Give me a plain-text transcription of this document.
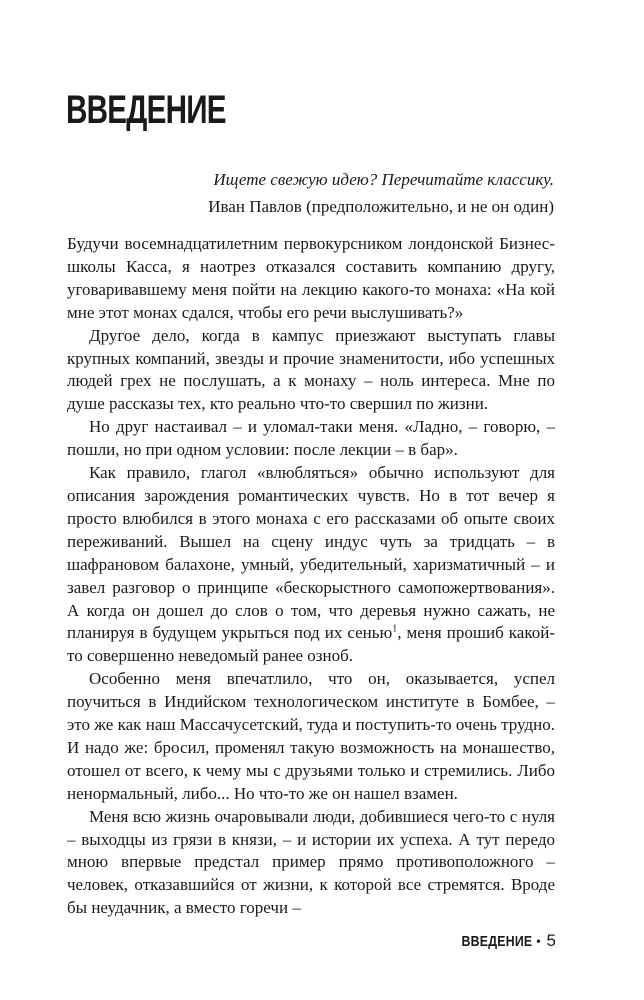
ВВЕДЕНИЕ
Ищете свежую идею? Перечитайте классику.
Иван Павлов (предположительно, и не он один)

Будучи восемнадцатилетним первокурсником лондонской Бизнес-школы Касса, я наотрез отказался составить компанию другу, уговаривавшему меня пойти на лекцию какого-то монаха: «На кой мне этот монах сдался, чтобы его речи выслушивать?»

Другое дело, когда в кампус приезжают выступать главы крупных компаний, звезды и прочие знаменитости, ибо успешных людей грех не послушать, а к монаху – ноль интереса. Мне по душе рассказы тех, кто реально что-то свершил по жизни.

Но друг настаивал – и уломал-таки меня. «Ладно, – говорю, – пошли, но при одном условии: после лекции – в бар».

Как правило, глагол «влюбляться» обычно используют для описания зарождения романтических чувств. Но в тот вечер я просто влюбился в этого монаха с его рассказами об опыте своих переживаний. Вышел на сцену индус чуть за тридцать – в шафрановом балахоне, умный, убедительный, харизматичный – и завел разговор о принципе «бескорыстного самопожертвования». А когда он дошел до слов о том, что деревья нужно сажать, не планируя в будущем укрыться под их сенью$^1$, меня прошиб какой-то совершенно неведомый ранее озноб.

Особенно меня впечатлило, что он, оказывается, успел поучиться в Индийском технологическом институте в Бомбее, – это же как наш Массачусетский, туда и поступить-то очень трудно. И надо же: бросил, променял такую возможность на монашество, отошел от всего, к чему мы с друзьями только и стремились. Либо ненормальный, либо... Но что-то же он нашел взамен.

Меня всю жизнь очаровывали люди, добившиеся чего-то с нуля – выходцы из грязи в князи, – и истории их успеха. А тут передо мною впервые предстал пример прямо противоположного – человек, отказавшийся от жизни, к которой все стремятся. Вроде бы неудачник, а вместо горечи –

ВВЕДЕНИЕ • 5
